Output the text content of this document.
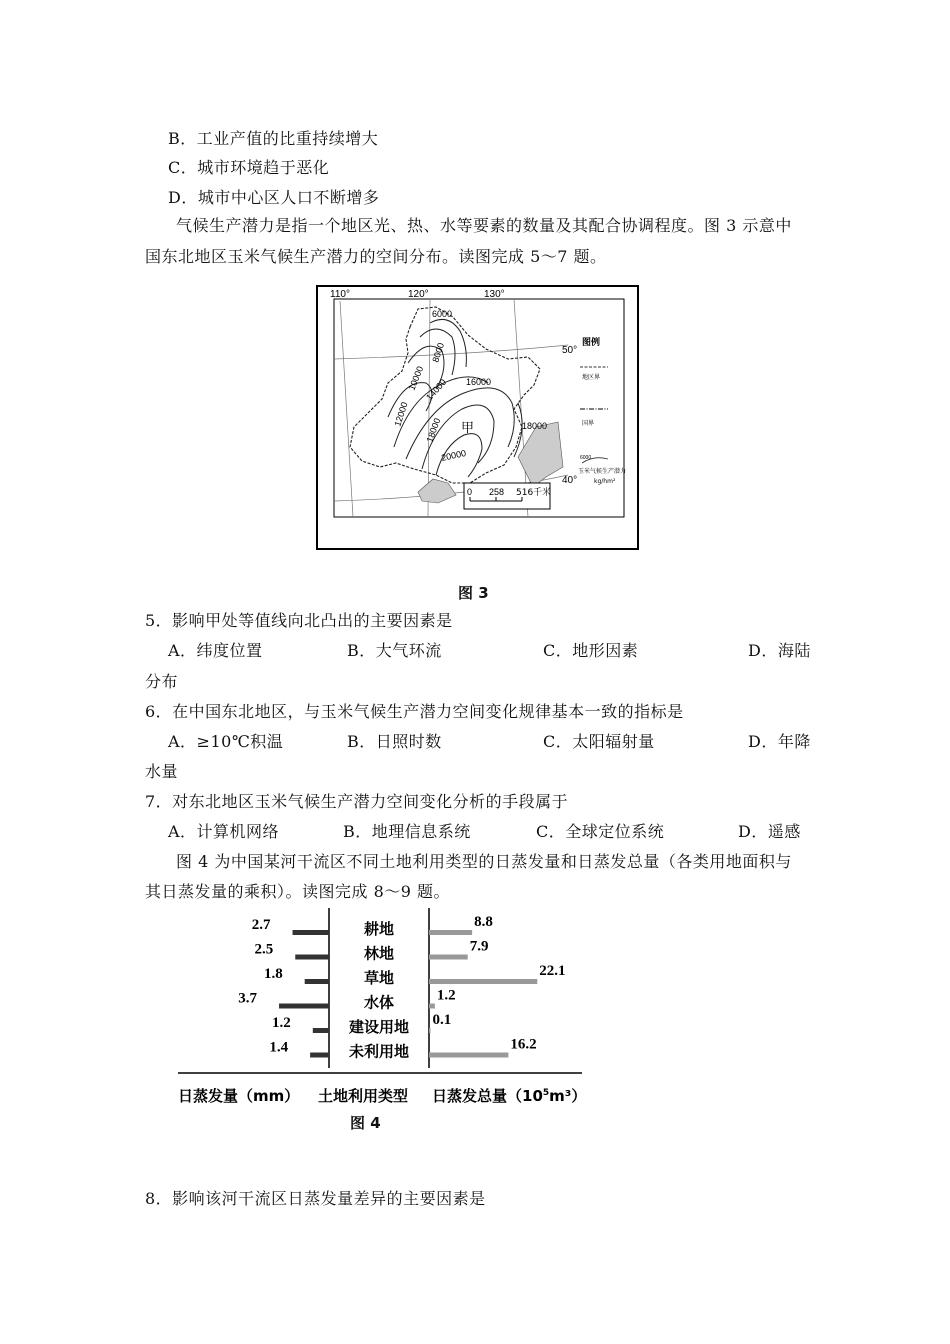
B．工业产值的比重持续增大
C．城市环境趋于恶化
D．城市中心区人口不断增多
气候生产潜力是指一个地区光、热、水等要素的数量及其配合协调程度。图 3 示意中
国东北地区玉米气候生产潜力的空间分布。读图完成 5～7 题。
110°	120°	130°
50°
40°
6000
8000
10000
12000
14000 16000
18000
20000
18000
甲
图例
地区界
国界
6000
玉米气候生产潜力
kg/hm²
0 258 516千米
图 3
5．影响甲处等值线向北凸出的主要因素是
A．纬度位置	B．大气环流	C．地形因素	D．海陆
分布
6．在中国东北地区，与玉米气候生产潜力空间变化规律基本一致的指标是
A．≥10℃积温	B．日照时数	C．太阳辐射量	D．年降
水量
7．对东北地区玉米气候生产潜力空间变化分析的手段属于
A．计算机网络	B．地理信息系统	C．全球定位系统	D．遥感
图 4 为中国某河干流区不同土地利用类型的日蒸发量和日蒸发总量（各类用地面积与
其日蒸发量的乘积）。读图完成 8～9 题。
耕地
2.7	8.8
林地
2.5	7.9
草地
1.8	22.1
水体
3.7	1.2
建设用地
1.2	0.1
未利用地
1.4	16.2
日蒸发量（mm） 土地利用类型 日蒸发总量$(10^5m^3)$
图 4
8．影响该河干流区日蒸发量差异的主要因素是
